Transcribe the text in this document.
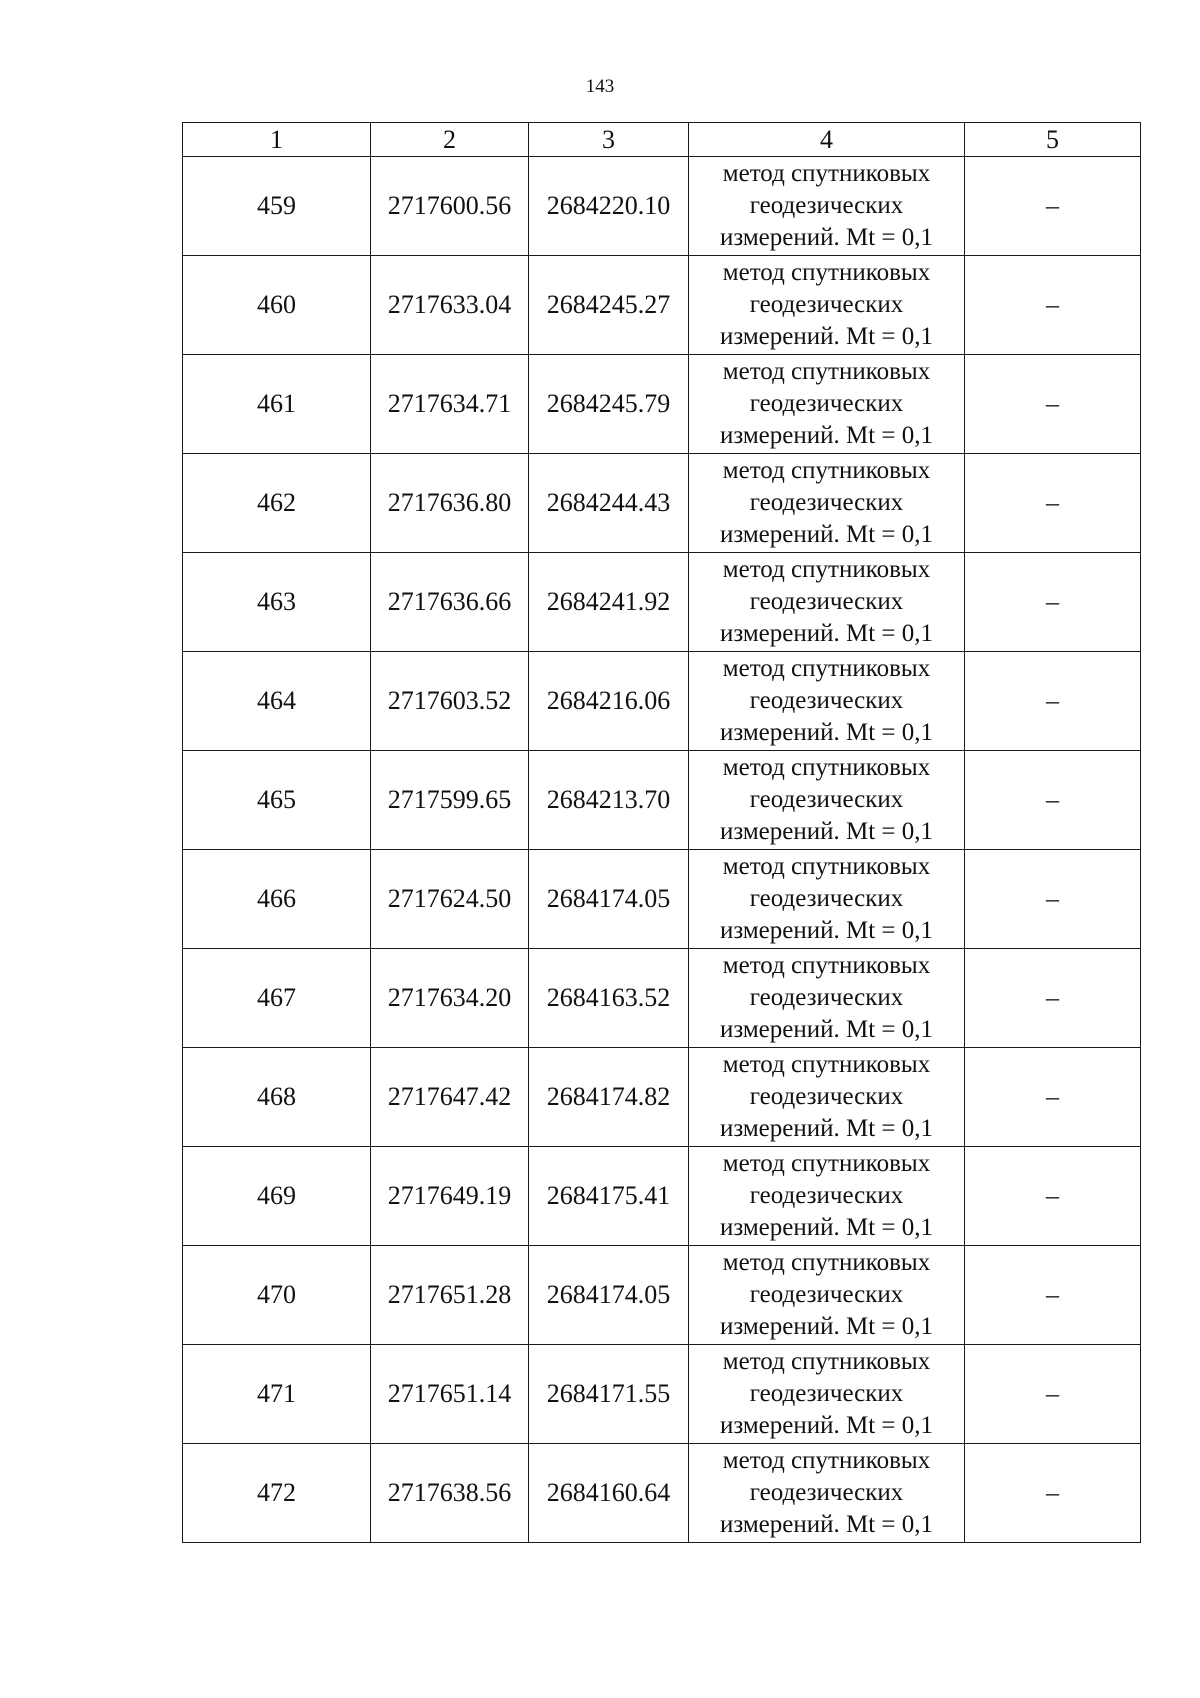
143
1	2	3	4	5
459	2717600.56	2684220.10	метод спутниковых геодезических измерений. Mt = 0,1	–
460	2717633.04	2684245.27	метод спутниковых геодезических измерений. Mt = 0,1	–
461	2717634.71	2684245.79	метод спутниковых геодезических измерений. Mt = 0,1	–
462	2717636.80	2684244.43	метод спутниковых геодезических измерений. Mt = 0,1	–
463	2717636.66	2684241.92	метод спутниковых геодезических измерений. Mt = 0,1	–
464	2717603.52	2684216.06	метод спутниковых геодезических измерений. Mt = 0,1	–
465	2717599.65	2684213.70	метод спутниковых геодезических измерений. Mt = 0,1	–
466	2717624.50	2684174.05	метод спутниковых геодезических измерений. Mt = 0,1	–
467	2717634.20	2684163.52	метод спутниковых геодезических измерений. Mt = 0,1	–
468	2717647.42	2684174.82	метод спутниковых геодезических измерений. Mt = 0,1	–
469	2717649.19	2684175.41	метод спутниковых геодезических измерений. Mt = 0,1	–
470	2717651.28	2684174.05	метод спутниковых геодезических измерений. Mt = 0,1	–
471	2717651.14	2684171.55	метод спутниковых геодезических измерений. Mt = 0,1	–
472	2717638.56	2684160.64	метод спутниковых геодезических измерений. Mt = 0,1	–
